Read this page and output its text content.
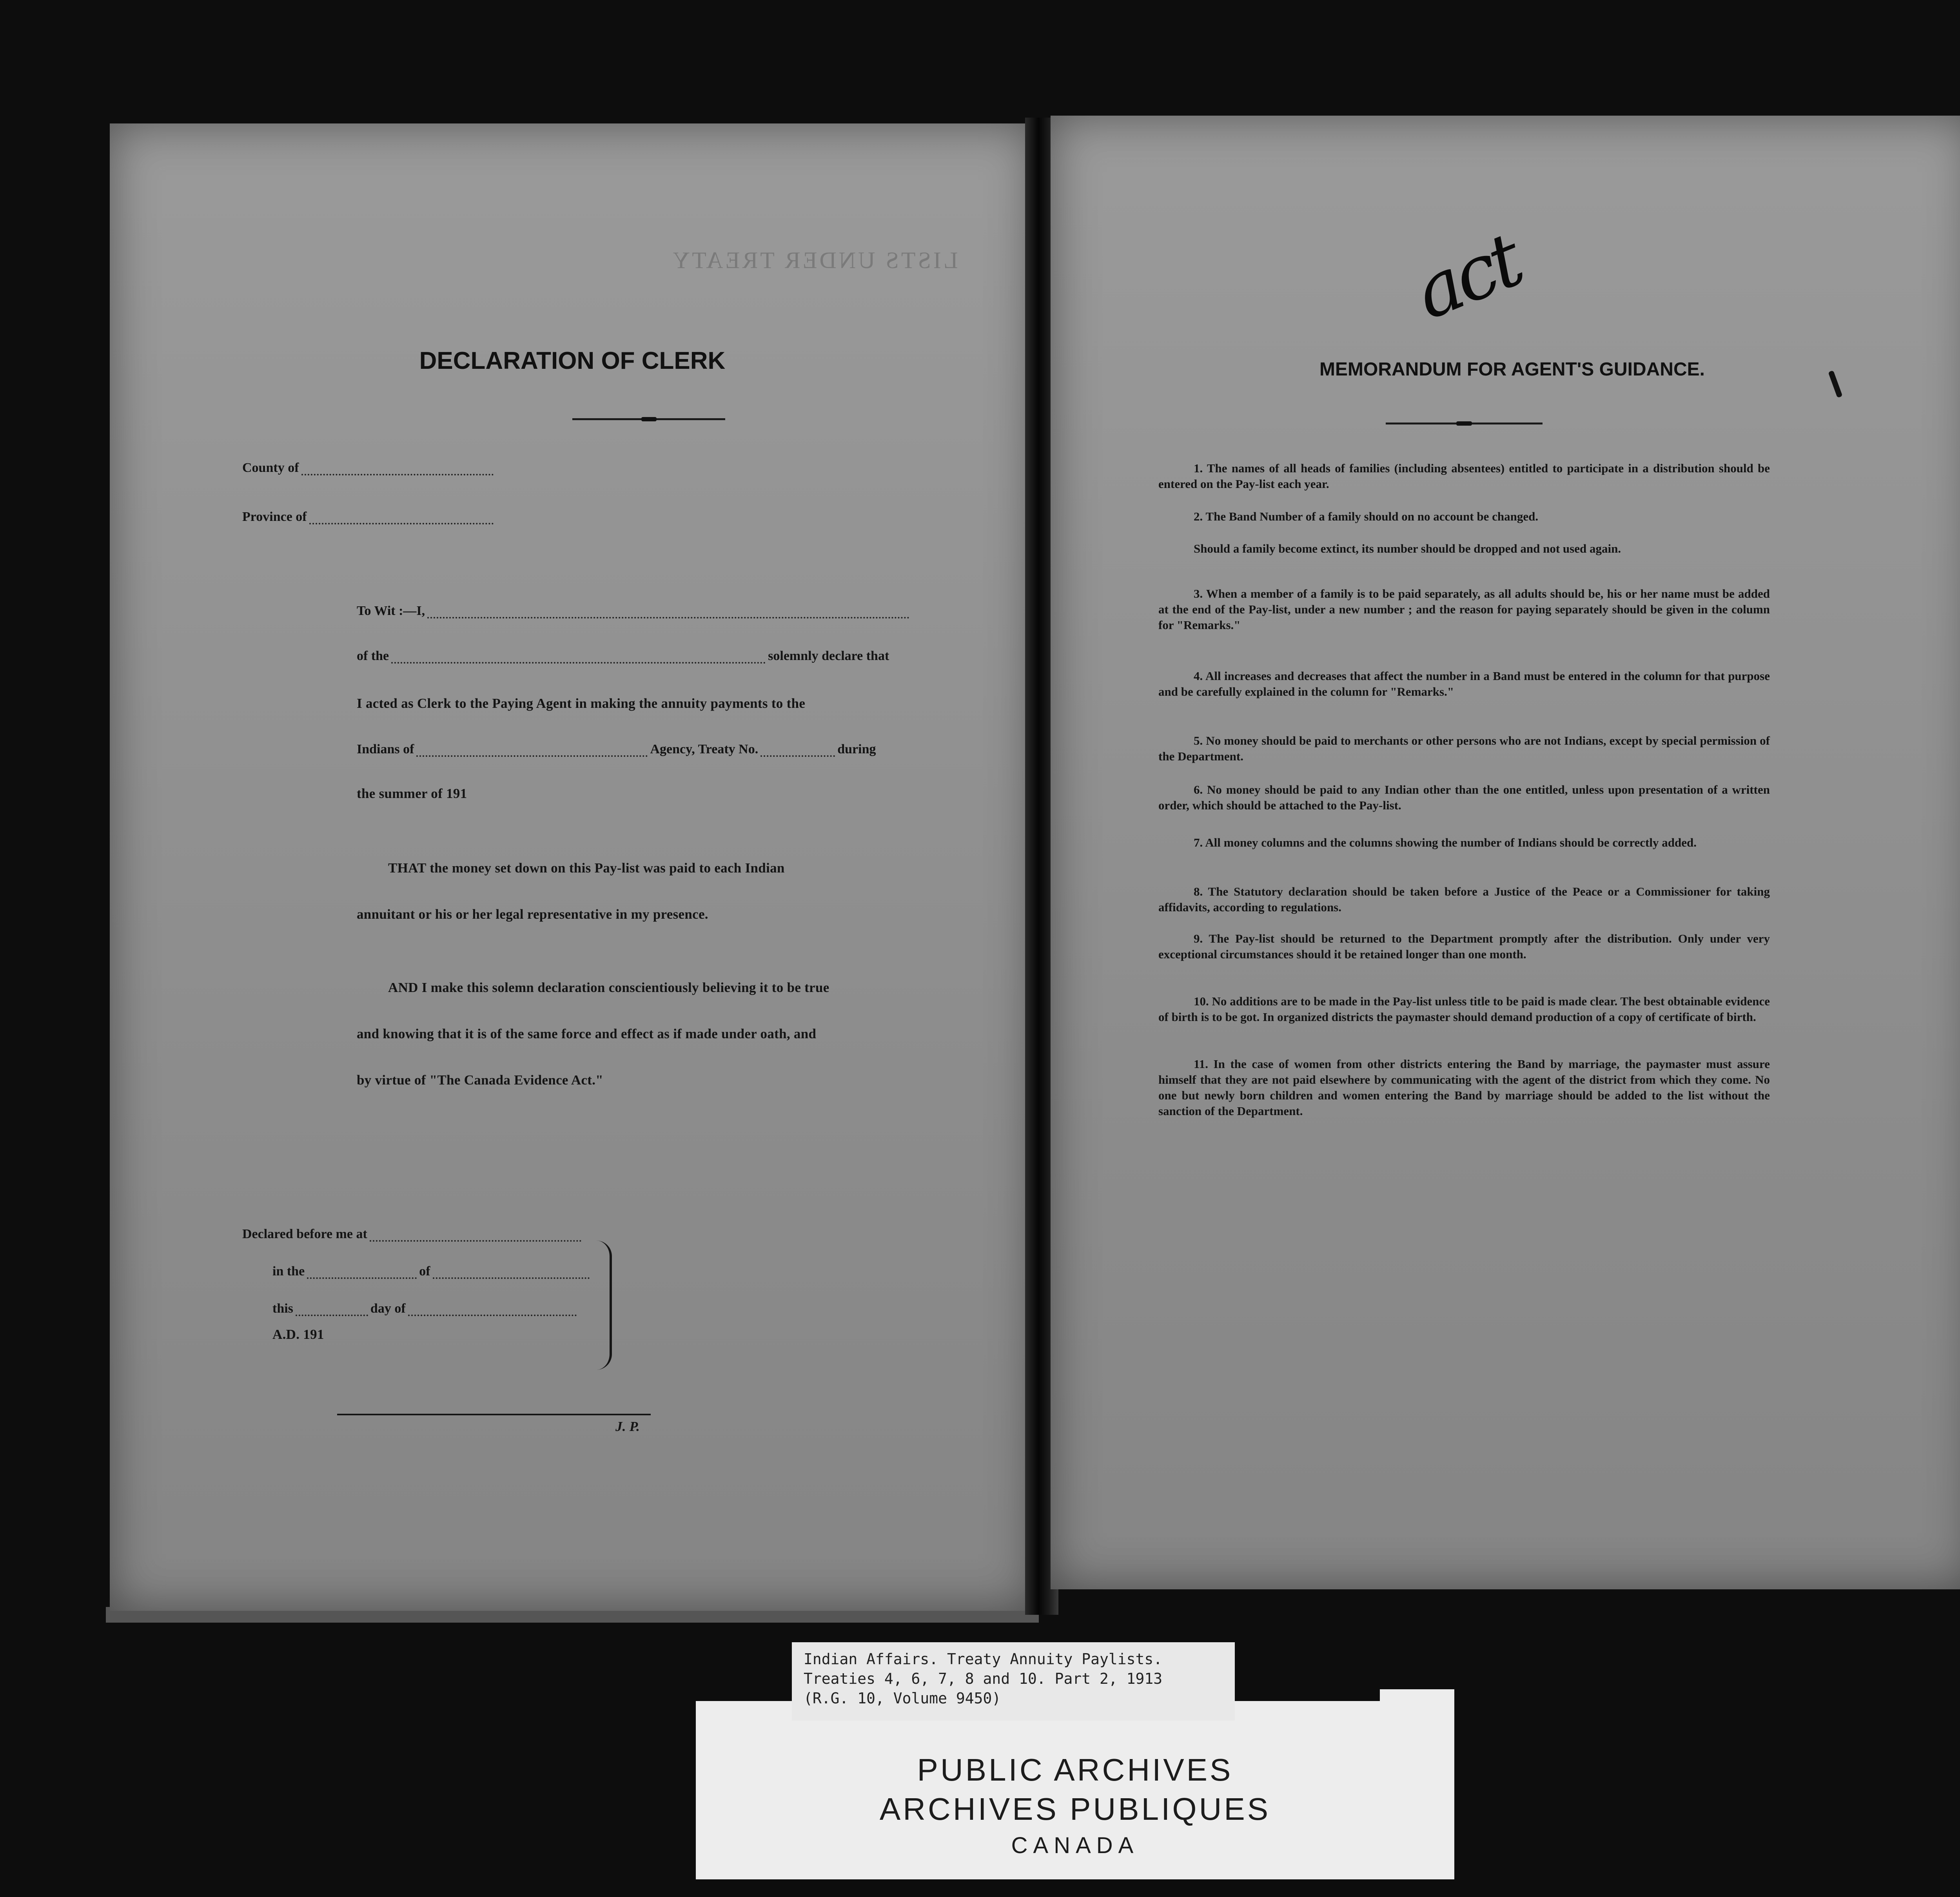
LISTS UNDER TREATY
DECLARATION OF CLERK
County of
Province of
To Wit :—I,
of the	solemnly declare that
I acted as Clerk to the Paying Agent in making the annuity payments to the
Indians of	Agency, Treaty No.	during
the summer of 191
THAT the money set down on this Pay-list was paid to each Indian
annuitant or his or her legal representative in my presence.
AND I make this solemn declaration conscientiously believing it to be true
and knowing that it is of the same force and effect as if made under oath, and
by virtue of "The Canada Evidence Act."
Declared before me at
in the	of
this	day of
A.D. 191
J. P.
act
MEMORANDUM FOR AGENT'S GUIDANCE.
1. The names of all heads of families (including absentees) entitled to participate in a distribution should be entered on the Pay-list each year.
2. The Band Number of a family should on no account be changed.
Should a family become extinct, its number should be dropped and not used again.
3. When a member of a family is to be paid separately, as all adults should be, his or her name must be added at the end of the Pay-list, under a new number ; and the reason for paying separately should be given in the column for "Remarks."
4. All increases and decreases that affect the number in a Band must be entered in the column for that purpose and be carefully explained in the column for "Remarks."
5. No money should be paid to merchants or other persons who are not Indians, except by special permission of the Department.
6. No money should be paid to any Indian other than the one entitled, unless upon presentation of a written order, which should be attached to the Pay-list.
7. All money columns and the columns showing the number of Indians should be correctly added.
8. The Statutory declaration should be taken before a Justice of the Peace or a Commissioner for taking affidavits, according to regulations.
9. The Pay-list should be returned to the Department promptly after the distribution. Only under very exceptional circumstances should it be retained longer than one month.
10. No additions are to be made in the Pay-list unless title to be paid is made clear. The best obtainable evidence of birth is to be got. In organized districts the paymaster should demand production of a copy of certificate of birth.
11. In the case of women from other districts entering the Band by marriage, the paymaster must assure himself that they are not paid elsewhere by communicating with the agent of the district from which they come. No one but newly born children and women entering the Band by marriage should be added to the list without the sanction of the Department.
PUBLIC ARCHIVES
ARCHIVES PUBLIQUES
CANADA
Indian Affairs. Treaty Annuity Paylists.
Treaties 4, 6, 7, 8 and 10. Part 2, 1913
(R.G. 10, Volume 9450)
